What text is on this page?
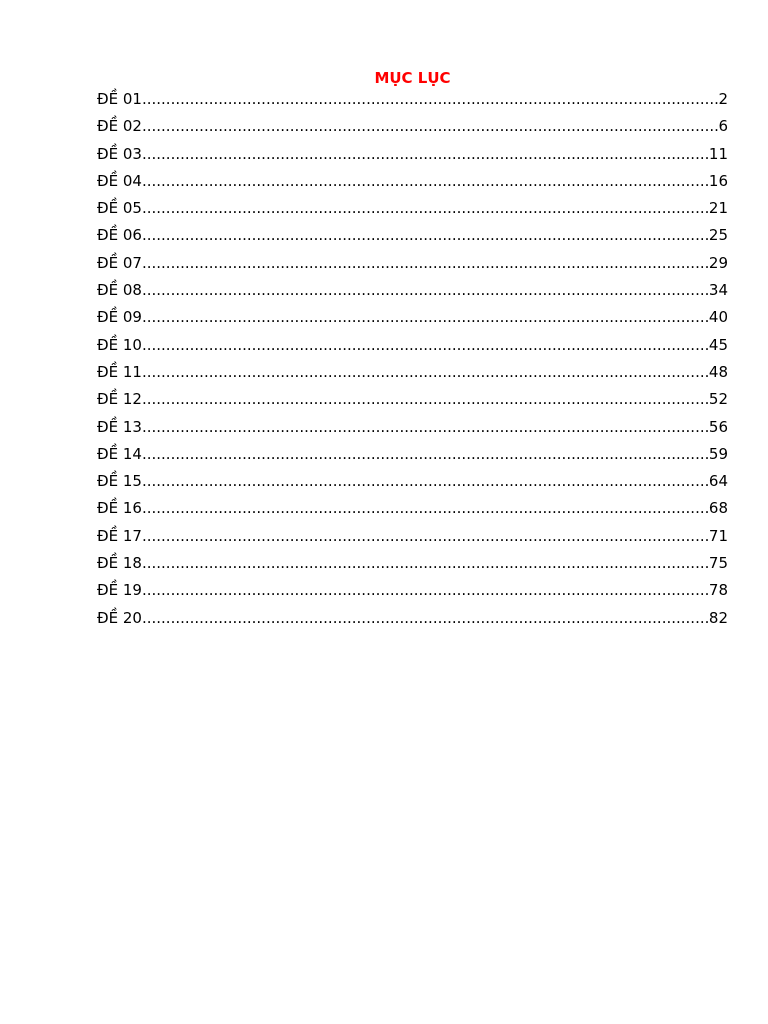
MỤC LỤC
ĐỀ 01 .....	2
ĐỀ 02 .....	6
ĐỀ 03 .....	11
ĐỀ 04 .....	16
ĐỀ 05 .....	21
ĐỀ 06 .....	25
ĐỀ 07 .....	29
ĐỀ 08 .....	34
ĐỀ 09 .....	40
ĐỀ 10 .....	45
ĐỀ 11 .....	48
ĐỀ 12 .....	52
ĐỀ 13 .....	56
ĐỀ 14 .....	59
ĐỀ 15 .....	64
ĐỀ 16 .....	68
ĐỀ 17 .....	71
ĐỀ 18 .....	75
ĐỀ 19 .....	78
ĐỀ 20 .....	82
